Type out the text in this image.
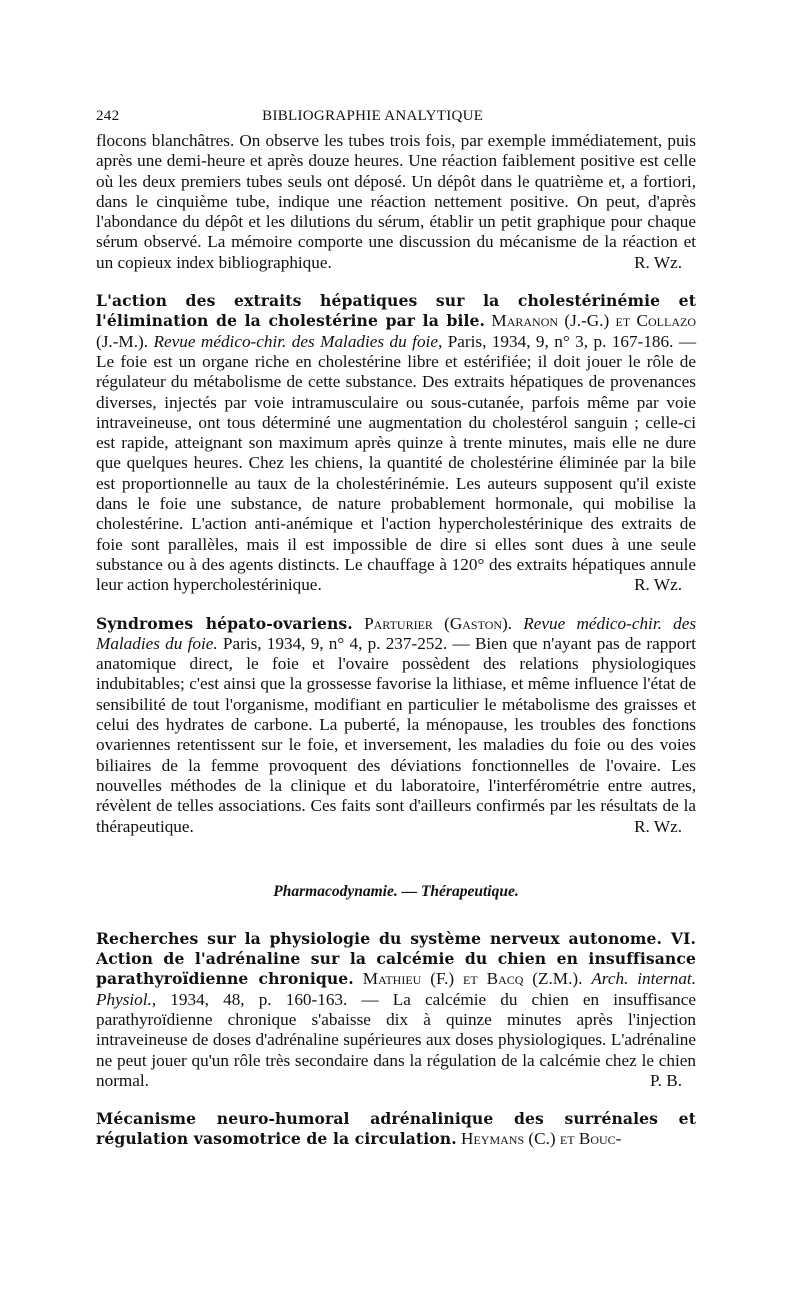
242	BIBLIOGRAPHIE ANALYTIQUE

flocons blanchâtres. On observe les tubes trois fois, par exemple immédiatement, puis après une demi-heure et après douze heures. Une réaction faiblement positive est celle où les deux premiers tubes seuls ont déposé. Un dépôt dans le quatrième et, a fortiori, dans le cinquième tube, indique une réaction nettement positive. On peut, d'après l'abondance du dépôt et les dilutions du sérum, établir un petit graphique pour chaque sérum observé. La mémoire comporte une discussion du mécanisme de la réaction et un copieux index bibliographique.	R. Wz.

L'action des extraits hépatiques sur la cholestérinémie et l'élimination de la cholestérine par la bile. Maranon (J.-G.) et Collazo (J.-M.). Revue médico-chir. des Maladies du foie, Paris, 1934, 9, n° 3, p. 167-186. — Le foie est un organe riche en cholestérine libre et estérifiée; il doit jouer le rôle de régulateur du métabolisme de cette substance. Des extraits hépatiques de provenances diverses, injectés par voie intramusculaire ou sous-cutanée, parfois même par voie intraveineuse, ont tous déterminé une augmentation du cholestérol sanguin ; celle-ci est rapide, atteignant son maximum après quinze à trente minutes, mais elle ne dure que quelques heures. Chez les chiens, la quantité de cholestérine éliminée par la bile est proportionnelle au taux de la cholestérinémie. Les auteurs supposent qu'il existe dans le foie une substance, de nature probablement hormonale, qui mobilise la cholestérine. L'action anti-anémique et l'action hypercholestérinique des extraits de foie sont parallèles, mais il est impossible de dire si elles sont dues à une seule substance ou à des agents distincts. Le chauffage à 120° des extraits hépatiques annule leur action hypercholestérinique.	R. Wz.

Syndromes hépato-ovariens. Parturier (Gaston). Revue médico-chir. des Maladies du foie. Paris, 1934, 9, n° 4, p. 237-252. — Bien que n'ayant pas de rapport anatomique direct, le foie et l'ovaire possèdent des relations physiologiques indubitables; c'est ainsi que la grossesse favorise la lithiase, et même influence l'état de sensibilité de tout l'organisme, modifiant en particulier le métabolisme des graisses et celui des hydrates de carbone. La puberté, la ménopause, les troubles des fonctions ovariennes retentissent sur le foie, et inversement, les maladies du foie ou des voies biliaires de la femme provoquent des déviations fonctionnelles de l'ovaire. Les nouvelles méthodes de la clinique et du laboratoire, l'interférométrie entre autres, révèlent de telles associations. Ces faits sont d'ailleurs confirmés par les résultats de la thérapeutique.	R. Wz.

Pharmacodynamie. — Thérapeutique.

Recherches sur la physiologie du système nerveux autonome. VI. Action de l'adrénaline sur la calcémie du chien en insuffisance parathyroïdienne chronique. Mathieu (F.) et Bacq (Z.M.). Arch. internat. Physiol., 1934, 48, p. 160-163. — La calcémie du chien en insuffisance parathyroïdienne chronique s'abaisse dix à quinze minutes après l'injection intraveineuse de doses d'adrénaline supérieures aux doses physiologiques. L'adrénaline ne peut jouer qu'un rôle très secondaire dans la régulation de la calcémie chez le chien normal.	P. B.

Mécanisme neuro-humoral adrénalinique des surrénales et régulation vasomotrice de la circulation. Heymans (C.) et Bouc-
